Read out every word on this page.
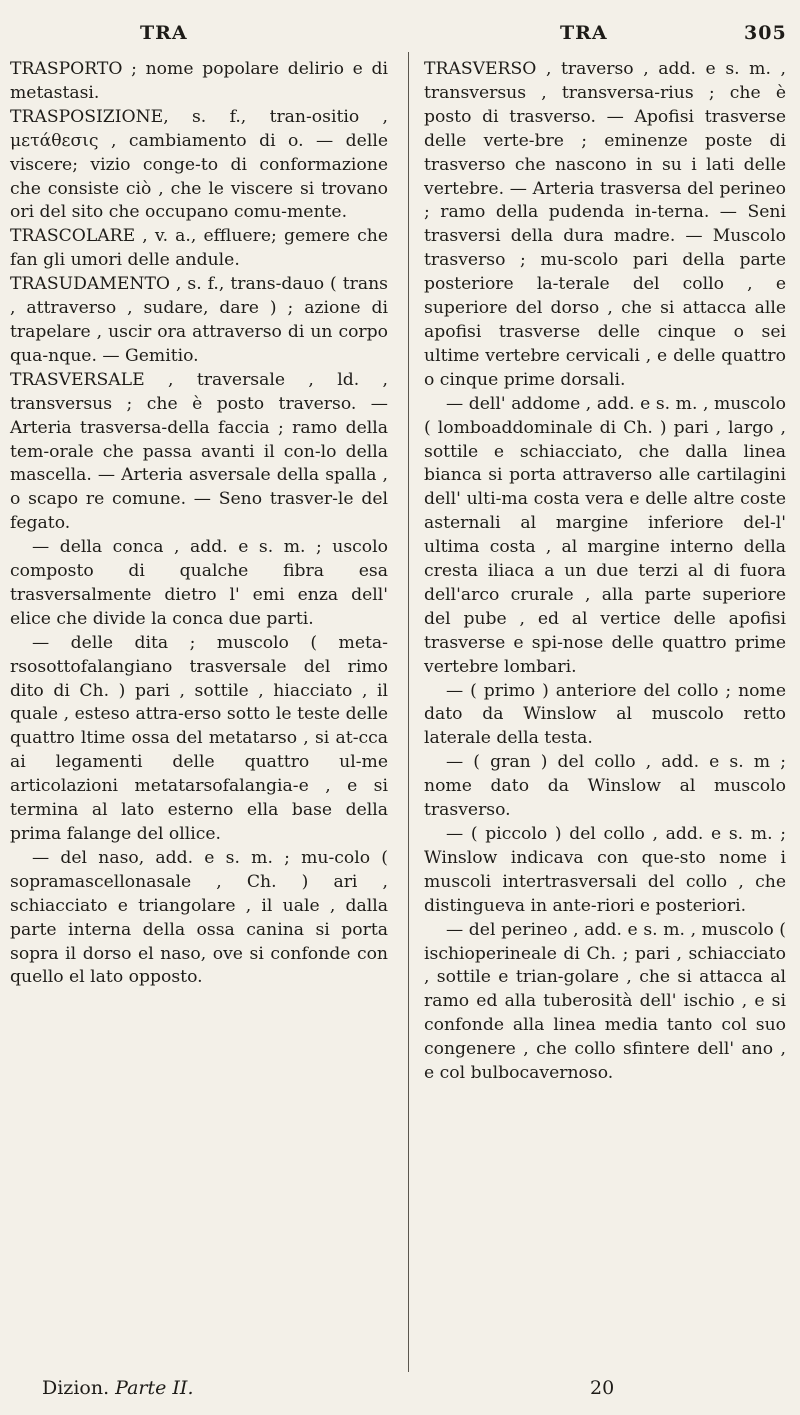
TRA	TRA	305

TRASPORTO ; nome popolare delirio e di metastasi.

TRASPOSIZIONE, s. f., tran-ositio , μετάθεσις , cambiamento di o. — delle viscere; vizio conge-to di conformazione che consiste ciò , che le viscere si trovano ori del sito che occupano comu-mente.

TRASCOLARE , v. a., effluere; gemere che fan gli umori delle andule.

TRASUDAMENTO , s. f., trans-dauo ( trans , attraverso , sudare, dare ) ; azione di trapelare , uscir ora attraverso di un corpo qua-nque. — Gemitio.

TRASVERSALE , traversale , ld. , transversus ; che è posto traverso. — Arteria trasversa-della faccia ; ramo della tem-orale che passa avanti il con-lo della mascella. — Arteria asversale della spalla , o scapo re comune. — Seno trasver-le del fegato.

— della conca , add. e s. m. ; uscolo composto di qualche fibra esa trasversalmente dietro l' emi enza dell' elice che divide la conca due parti.

— delle dita ; muscolo ( meta-rsosottofalangiano trasversale del rimo dito di Ch. ) pari , sottile , hiacciato , il quale , esteso attra-erso sotto le teste delle quattro ltime ossa del metatarso , si at-cca ai legamenti delle quattro ul-me articolazioni metatarsofalangia-e , e si termina al lato esterno ella base della prima falange del ollice.

— del naso, add. e s. m. ; mu-colo ( sopramascellonasale , Ch. ) ari , schiacciato e triangolare , il uale , dalla parte interna della ossa canina si porta sopra il dorso el naso, ove si confonde con quello el lato opposto.

TRASVERSO , traverso , add. e s. m. , transversus , transversa-rius ; che è posto di trasverso. — Apofisi trasverse delle verte-bre ; eminenze poste di trasverso che nascono in su i lati delle vertebre. — Arteria trasversa del perineo ; ramo della pudenda in-terna. — Seni trasversi della dura madre. — Muscolo trasverso ; mu-scolo pari della parte posteriore la-terale del collo , e superiore del dorso , che si attacca alle apofisi trasverse delle cinque o sei ultime vertebre cervicali , e delle quattro o cinque prime dorsali.

— dell' addome , add. e s. m. , muscolo ( lomboaddominale di Ch. ) pari , largo , sottile e schiacciato, che dalla linea bianca si porta attraverso alle cartilagini dell' ulti-ma costa vera e delle altre coste asternali al margine inferiore del-l' ultima costa , al margine interno della cresta iliaca a un due terzi al di fuora dell'arco crurale , alla parte superiore del pube , ed al vertice delle apofisi trasverse e spi-nose delle quattro prime vertebre lombari.

— ( primo ) anteriore del collo ; nome dato da Winslow al muscolo retto laterale della testa.

— ( gran ) del collo , add. e s. m ; nome dato da Winslow al muscolo trasverso.

— ( piccolo ) del collo , add. e s. m. ; Winslow indicava con que-sto nome i muscoli intertrasversali del collo , che distingueva in ante-riori e posteriori.

— del perineo , add. e s. m. , muscolo ( ischioperineale di Ch. ; pari , schiacciato , sottile e trian-golare , che si attacca al ramo ed alla tuberosità dell' ischio , e si confonde alla linea media tanto col suo congenere , che collo sfintere dell' ano , e col bulbocavernoso.

Dizion. Parte II.	20
